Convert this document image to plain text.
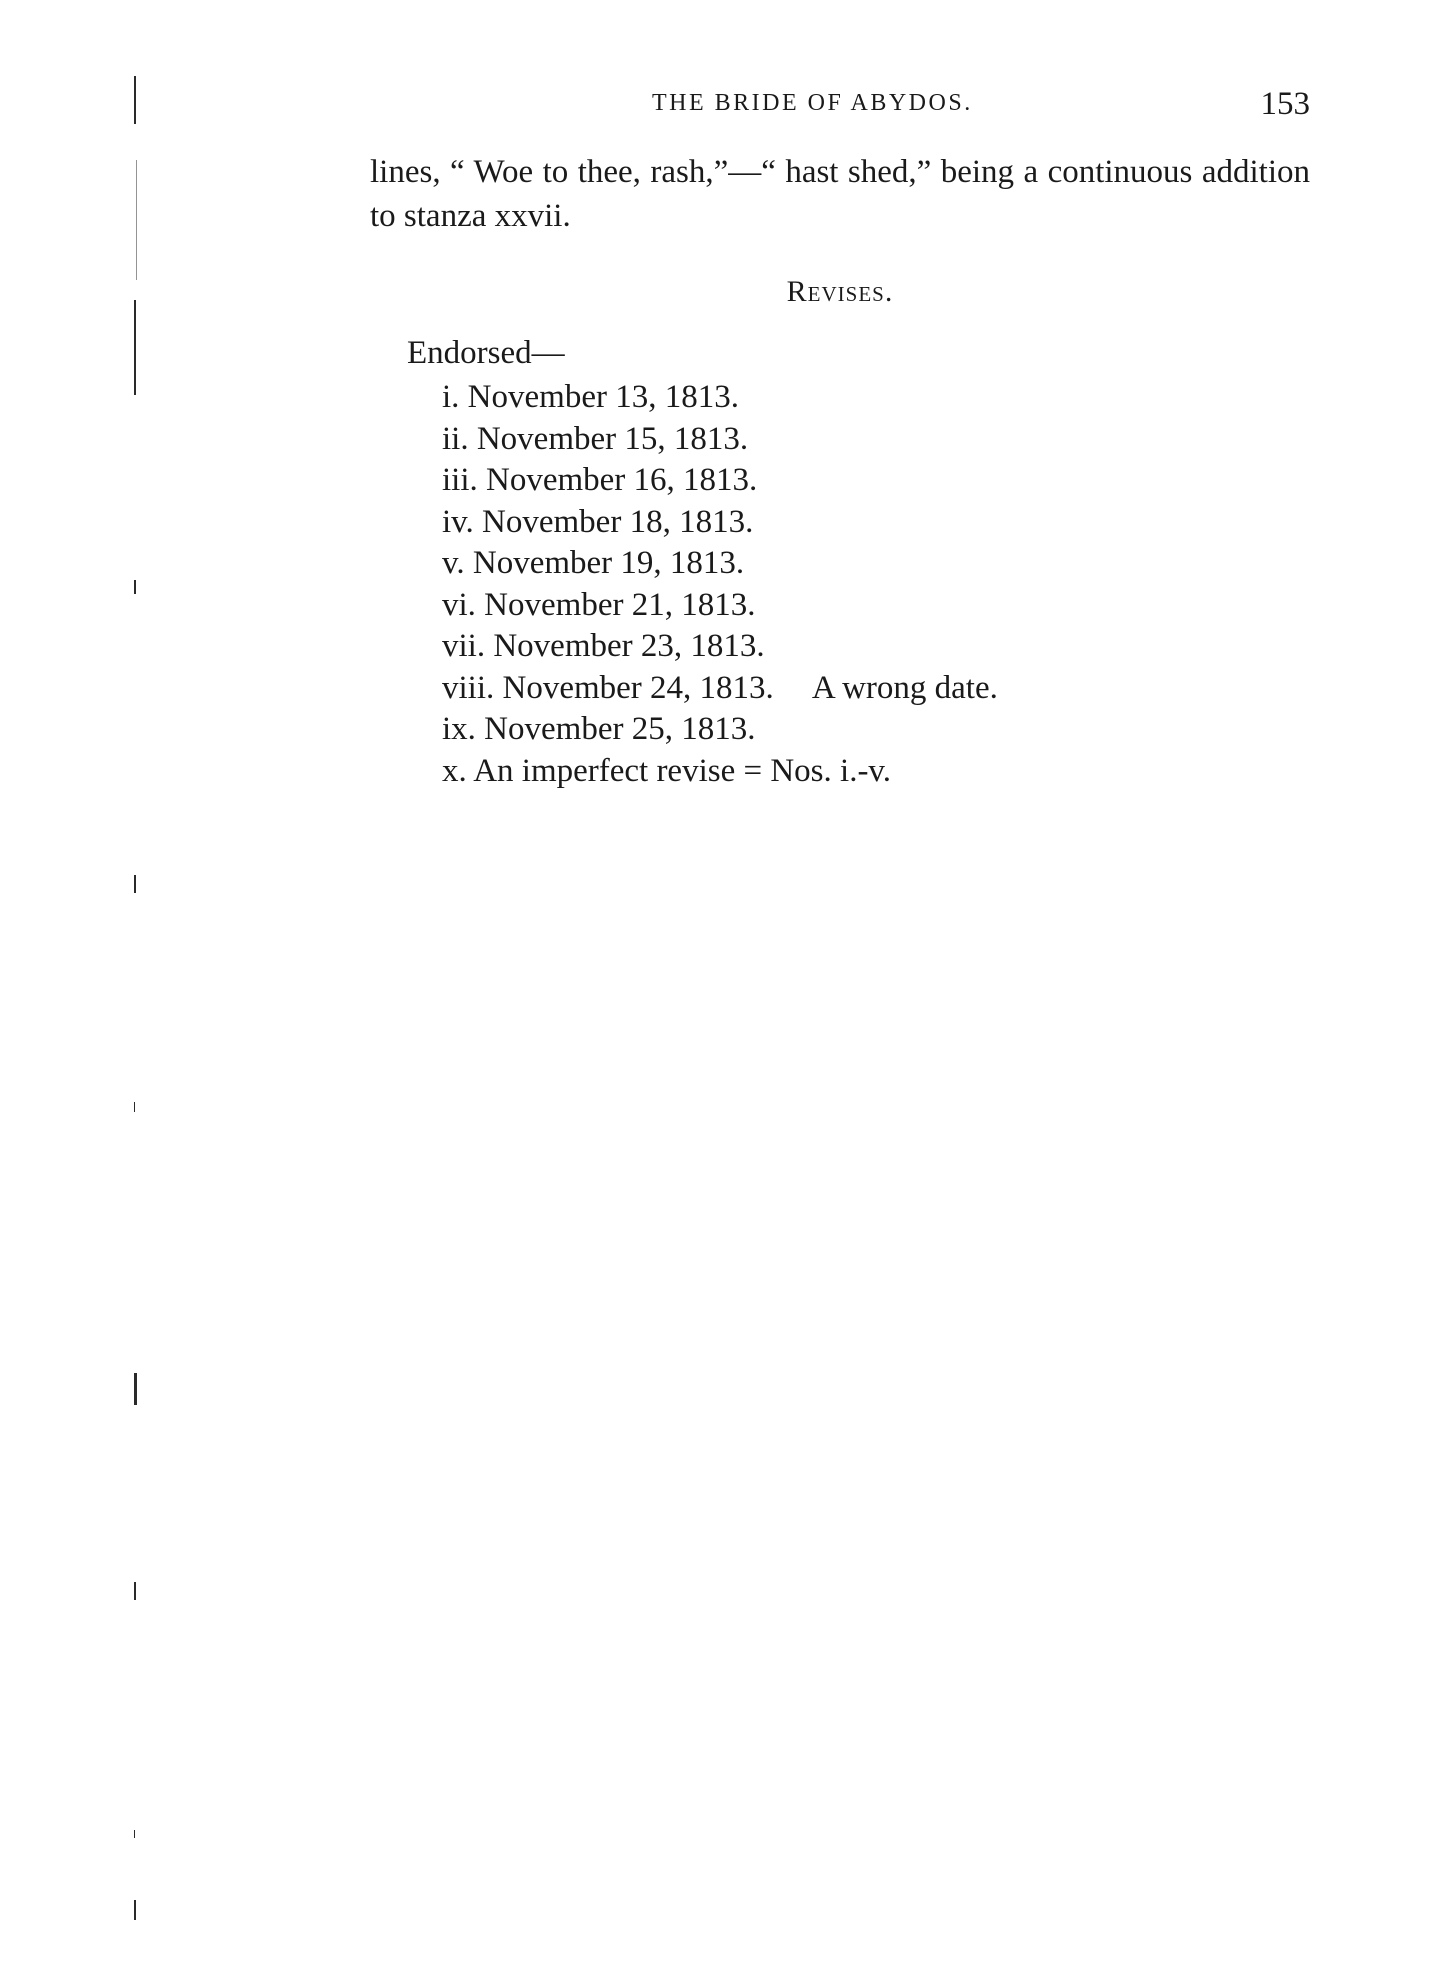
THE BRIDE OF ABYDOS.	153

lines, “ Woe to thee, rash,”—“ hast shed,” being a continuous addition to stanza xxvii.

Revises.
Endorsed—
i. November 13, 1813.
ii. November 15, 1813.
iii. November 16, 1813.
iv. November 18, 1813.
v. November 19, 1813.
vi. November 21, 1813.
vii. November 23, 1813.
viii. November 24, 1813. A wrong date.
ix. November 25, 1813.
x. An imperfect revise = Nos. i.-v.
